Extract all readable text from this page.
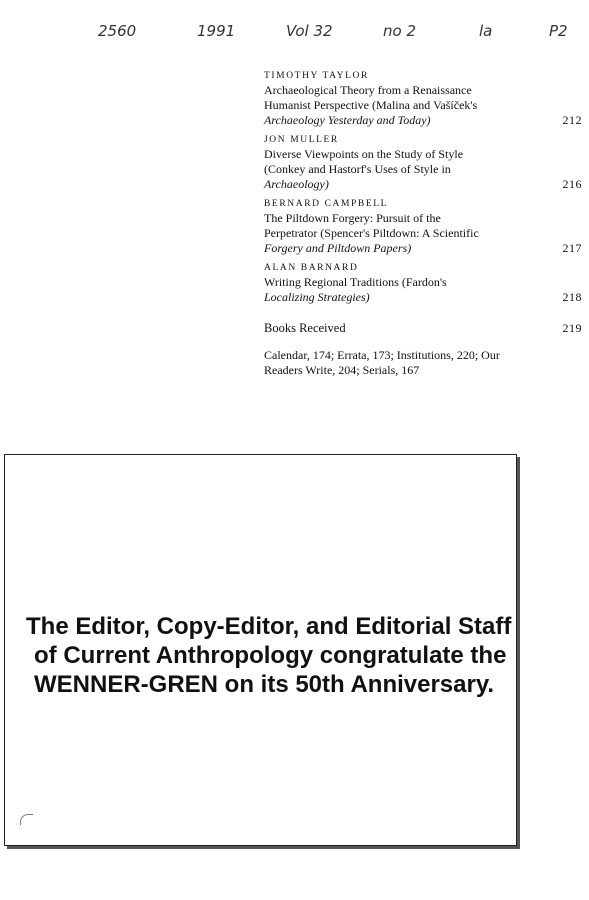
2560	1991	Vol 32	no 2	la	P2
TIMOTHY TAYLOR
Archaeological Theory from a Renaissance
Humanist Perspective (Malina and Vašíček's
Archaeology Yesterday and Today)	212
JON MULLER
Diverse Viewpoints on the Study of Style
(Conkey and Hastorf's Uses of Style in
Archaeology)	216
BERNARD CAMPBELL
The Piltdown Forgery: Pursuit of the
Perpetrator (Spencer's Piltdown: A Scientific
Forgery and Piltdown Papers)	217
ALAN BARNARD
Writing Regional Traditions (Fardon's
Localizing Strategies)	218
Books Received	219
Calendar, 174; Errata, 173; Institutions, 220; Our
Readers Write, 204; Serials, 167
The Editor, Copy-Editor, and Editorial Staff
of Current Anthropology congratulate the
WENNER-GREN on its 50th Anniversary.
